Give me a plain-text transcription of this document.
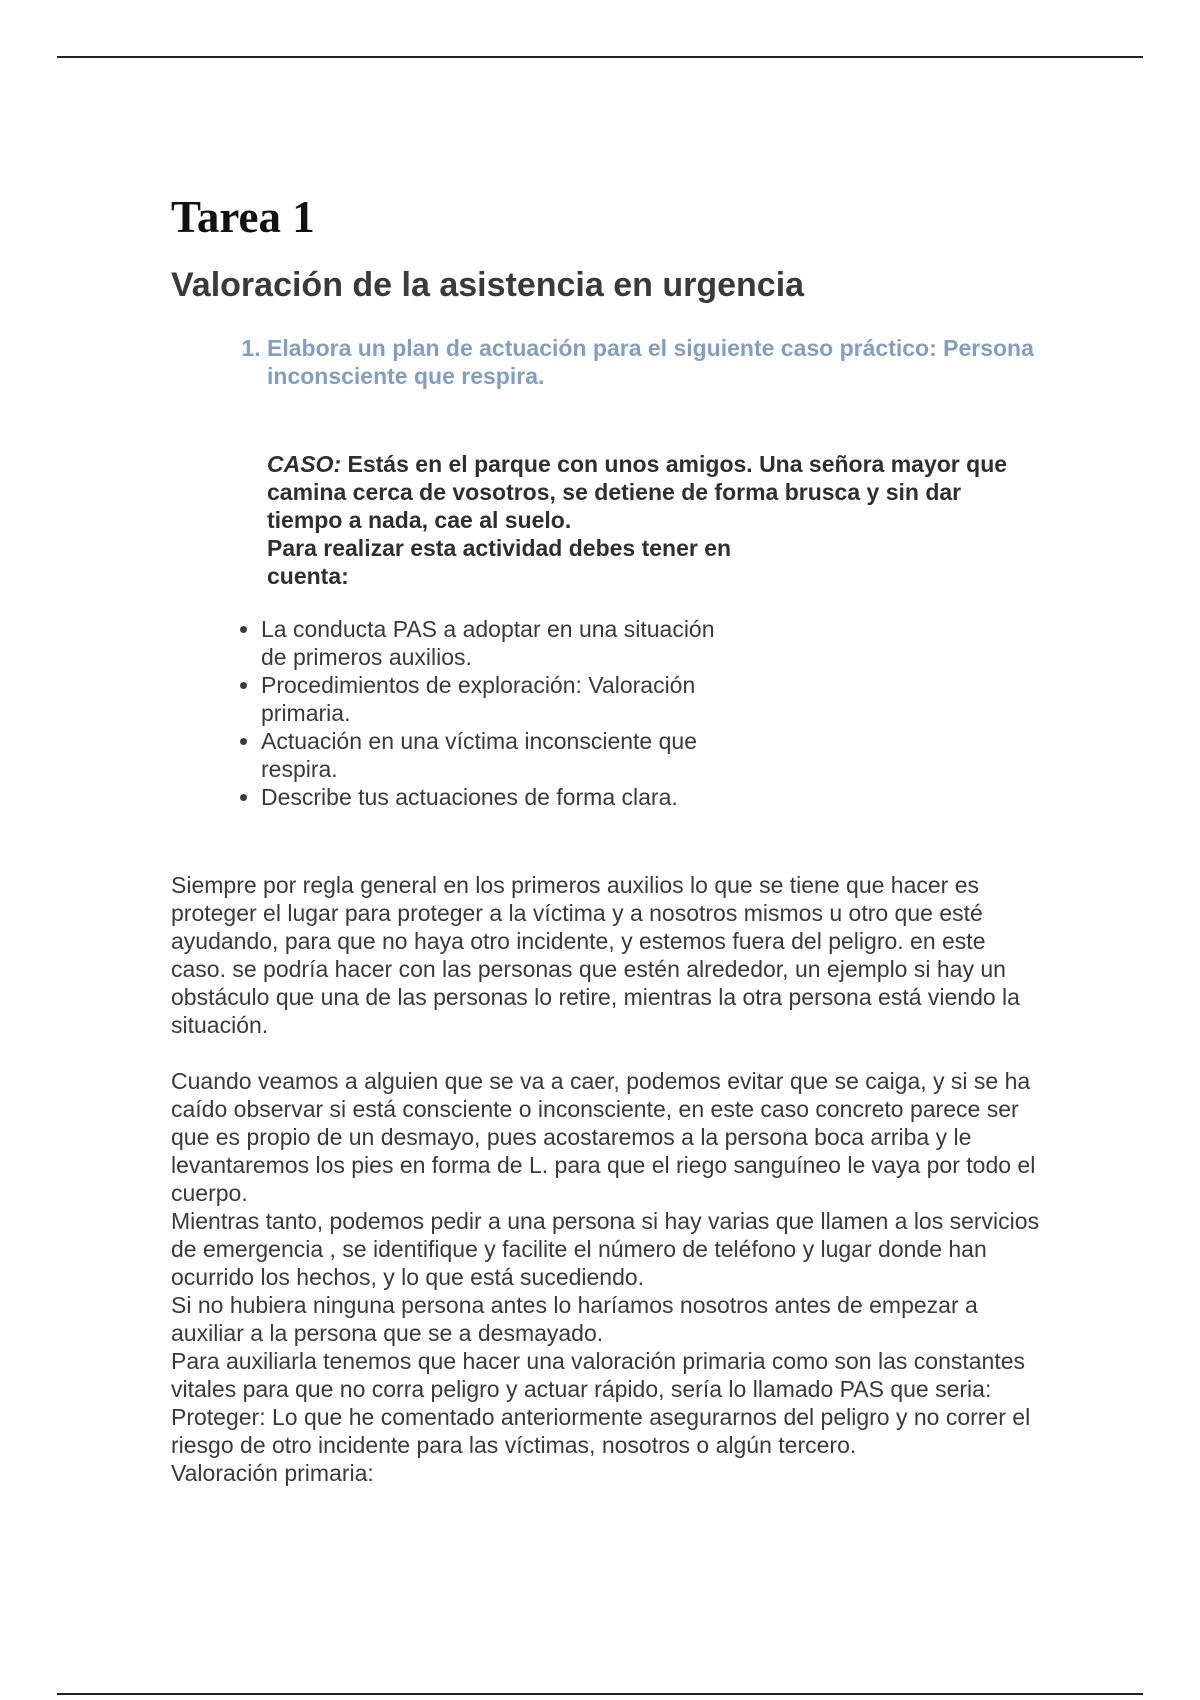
Tarea 1
Valoración de la asistencia en urgencia
1. Elabora un plan de actuación para el siguiente caso práctico: Persona inconsciente que respira.
CASO: Estás en el parque con unos amigos. Una señora mayor que camina cerca de vosotros, se detiene de forma brusca y sin dar tiempo a nada, cae al suelo.
Para realizar esta actividad debes tener en cuenta:
• La conducta PAS a adoptar en una situación de primeros auxilios.
• Procedimientos de exploración: Valoración primaria.
• Actuación en una víctima inconsciente que respira.
• Describe tus actuaciones de forma clara.

Siempre por regla general en los primeros auxilios lo que se tiene que hacer es proteger el lugar para proteger a la víctima y a nosotros mismos u otro que esté ayudando, para que no haya otro incidente, y estemos fuera del peligro. en este caso. se podría hacer con las personas que estén alrededor, un ejemplo si hay un obstáculo que una de las personas lo retire, mientras la otra persona está viendo la situación.

Cuando veamos a alguien que se va a caer, podemos evitar que se caiga, y si se ha caído observar si está consciente o inconsciente, en este caso concreto parece ser que es propio de un desmayo, pues acostaremos a la persona boca arriba y le levantaremos los pies en forma de L. para que el riego sanguíneo le vaya por todo el cuerpo.

Mientras tanto, podemos pedir a una persona si hay varias que llamen a los servicios de emergencia , se identifique y facilite el número de teléfono y lugar donde han ocurrido los hechos, y lo que está sucediendo.

Si no hubiera ninguna persona antes lo haríamos nosotros antes de empezar a auxiliar a la persona que se a desmayado.

Para auxiliarla tenemos que hacer una valoración primaria como son las constantes vitales para que no corra peligro y actuar rápido, sería lo llamado PAS que seria:

Proteger: Lo que he comentado anteriormente asegurarnos del peligro y no correr el riesgo de otro incidente para las víctimas, nosotros o algún tercero.

Valoración primaria:
